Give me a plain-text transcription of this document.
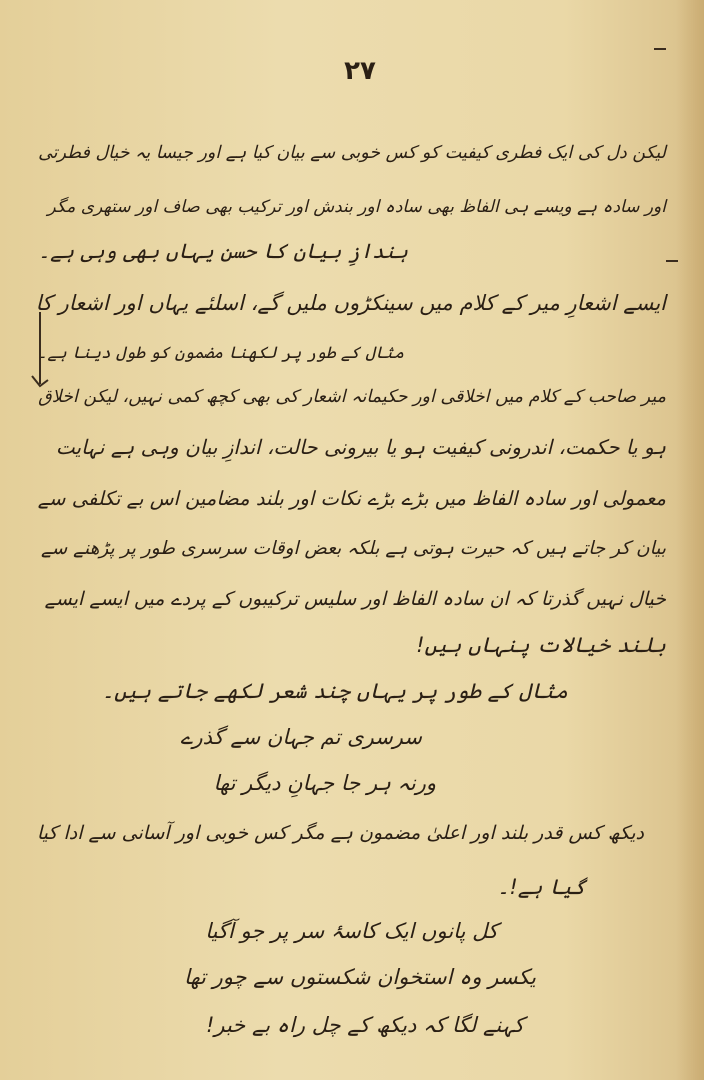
۲۷
لیکن دل کی ایک فطری کیفیت کو کس خوبی سے بیان کیا ہے اور جیسا یہ خیال فطرتی
اور سادہ ہے ویسے ہی الفاظ بھی سادہ اور بندش اور ترکیب بھی صاف اور ستھری مگر
ہندازِ بیان کا حسن یہاں بھی وہی ہے۔
ایسے اشعارِ میر کے کلام میں سینکڑوں ملیں گے، اسلئے یہاں اور اشعار کا
مثال کے طور پر لکھنا مضمون کو طول دینا ہے۔
میر صاحب کے کلام میں اخلاقی اور حکیمانہ اشعار کی بھی کچھ کمی نہیں، لیکن اخلاق
ہو یا حکمت، اندرونی کیفیت ہو یا بیرونی حالت، اندازِ بیان وہی ہے نہایت
معمولی اور سادہ الفاظ میں بڑے بڑے نکات اور بلند مضامین اس بے تکلفی سے
بیان کر جاتے ہیں کہ حیرت ہوتی ہے بلکہ بعض اوقات سرسری طور پر پڑھنے سے
خیال نہیں گذرتا کہ ان سادہ الفاظ اور سلیس ترکیبوں کے پردے میں ایسے ایسے
بلند خیالات پنہاں ہیں!
مثال کے طور پر یہاں چند شعر لکھے جاتے ہیں۔
سرسری تم جہان سے گذرے
ورنہ ہر جا جہانِ دیگر تھا
دیکھ کس قدر بلند اور اعلیٰ مضمون ہے مگر کس خوبی اور آسانی سے ادا کیا
گیا ہے!۔
کل پانوں ایک کاسۂ سر پر جو آگیا
یکسر وہ استخوان شکستوں سے چور تھا
کہنے لگا کہ دیکھ کے چل راہ بے خبر!
